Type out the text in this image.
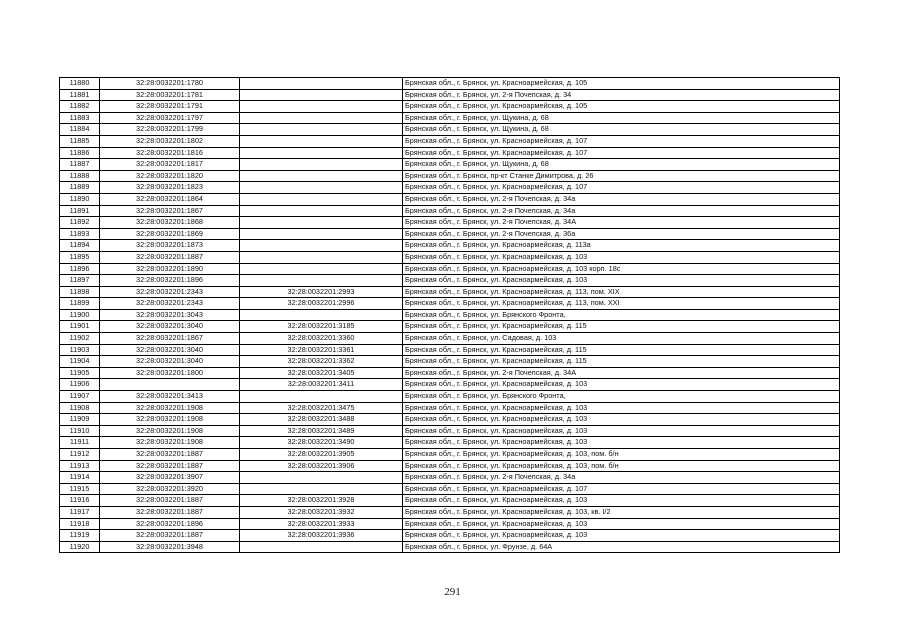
11880	32:28:0032201:1780		Брянская обл., г. Брянск, ул. Красноармейская, д. 105
11881	32:28:0032201:1781		Брянская обл., г. Брянск, ул. 2-я Почепская, д. 34
11882	32:28:0032201:1791		Брянская обл., г. Брянск, ул. Красноармейская, д. 105
11883	32:28:0032201:1797		Брянская обл., г. Брянск, ул. Щукина, д. 68
11884	32:28:0032201:1799		Брянская обл., г. Брянск, ул. Щукина, д. 68
11885	32:28:0032201:1802		Брянская обл., г. Брянск, ул. Красноармейская, д. 107
11886	32:28:0032201:1816		Брянская обл., г. Брянск, ул. Красноармейская, д. 107
11887	32:28:0032201:1817		Брянская обл., г. Брянск, ул. Щукина, д. 68
11888	32:28:0032201:1820		Брянская обл., г. Брянск, пр-кт Станке Димитрова, д. 26
11889	32:28:0032201:1823		Брянская обл., г. Брянск, ул. Красноармейская, д. 107
11890	32:28:0032201:1864		Брянская обл., г. Брянск, ул. 2-я Почепская, д. 34а
11891	32:28:0032201:1867		Брянская обл., г. Брянск, ул. 2-я Почепская, д. 34а
11892	32:28:0032201:1868		Брянская обл., г. Брянск, ул. 2-я Почепская, д. 34А
11893	32:28:0032201:1869		Брянская обл., г. Брянск, ул. 2-я Почепская, д. 36а
11894	32:28:0032201:1873		Брянская обл., г. Брянск, ул. Красноармейская, д. 113а
11895	32:28:0032201:1887		Брянская обл., г. Брянск, ул. Красноармейская, д. 103
11896	32:28:0032201:1890		Брянская обл., г. Брянск, ул. Красноармейская, д. 103 корп. 18с
11897	32:28:0032201:1896		Брянская обл., г. Брянск, ул. Красноармейская, д. 103
11898	32:28:0032201:2343	32:28:0032201:2993	Брянская обл., г. Брянск, ул. Красноармейская, д. 113, пом. XIX
11899	32:28:0032201:2343	32:28:0032201:2996	Брянская обл., г. Брянск, ул. Красноармейская, д. 113, пом. XXI
11900	32:28:0032201:3043		Брянская обл., г. Брянск, ул. Брянского Фронта,
11901	32:28:0032201:3040	32:28:0032201:3185	Брянская обл., г. Брянск, ул. Красноармейская, д. 115
11902	32:28:0032201:1867	32:28:0032201:3360	Брянская обл., г. Брянск, ул. Садовая, д. 103
11903	32:28:0032201:3040	32:28:0032201:3361	Брянская обл., г. Брянск, ул. Красноармейская, д. 115
11904	32:28:0032201:3040	32:28:0032201:3362	Брянская обл., г. Брянск, ул. Красноармейская, д. 115
11905	32:28:0032201:1800	32:28:0032201:3405	Брянская обл., г. Брянск, ул. 2-я Почепская, д. 34А
11906		32:28:0032201:3411	Брянская обл., г. Брянск, ул. Красноармейская, д. 103
11907	32:28:0032201:3413		Брянская обл., г. Брянск, ул. Брянского Фронта,
11908	32:28:0032201:1908	32:28:0032201:3475	Брянская обл., г. Брянск, ул. Красноармейская, д. 103
11909	32:28:0032201:1908	32:28:0032201:3488	Брянская обл., г. Брянск, ул. Красноармейская, д. 103
11910	32:28:0032201:1908	32:28:0032201:3489	Брянская обл., г. Брянск, ул. Красноармейская, д. 103
11911	32:28:0032201:1908	32:28:0032201:3490	Брянская обл., г. Брянск, ул. Красноармейская, д. 103
11912	32:28:0032201:1887	32:28:0032201:3905	Брянская обл., г. Брянск, ул. Красноармейская, д. 103, пом. б/н
11913	32:28:0032201:1887	32:28:0032201:3906	Брянская обл., г. Брянск, ул. Красноармейская, д. 103, пом. б/н
11914	32:28:0032201:3907		Брянская обл., г. Брянск, ул. 2-я Почепская, д. 34а
11915	32:28:0032201:3920		Брянская обл., г. Брянск, ул. Красноармейская, д. 107
11916	32:28:0032201:1887	32:28:0032201:3928	Брянская обл., г. Брянск, ул. Красноармейская, д. 103
11917	32:28:0032201:1887	32:28:0032201:3932	Брянская обл., г. Брянск, ул. Красноармейская, д. 103, кв. I/2
11918	32:28:0032201:1896	32:28:0032201:3933	Брянская обл., г. Брянск, ул. Красноармейская, д. 103
11919	32:28:0032201:1887	32:28:0032201:3936	Брянская обл., г. Брянск, ул. Красноармейская, д. 103
11920	32:28:0032201:3948		Брянская обл., г. Брянск, ул. Фрунзе, д. 64А
291
